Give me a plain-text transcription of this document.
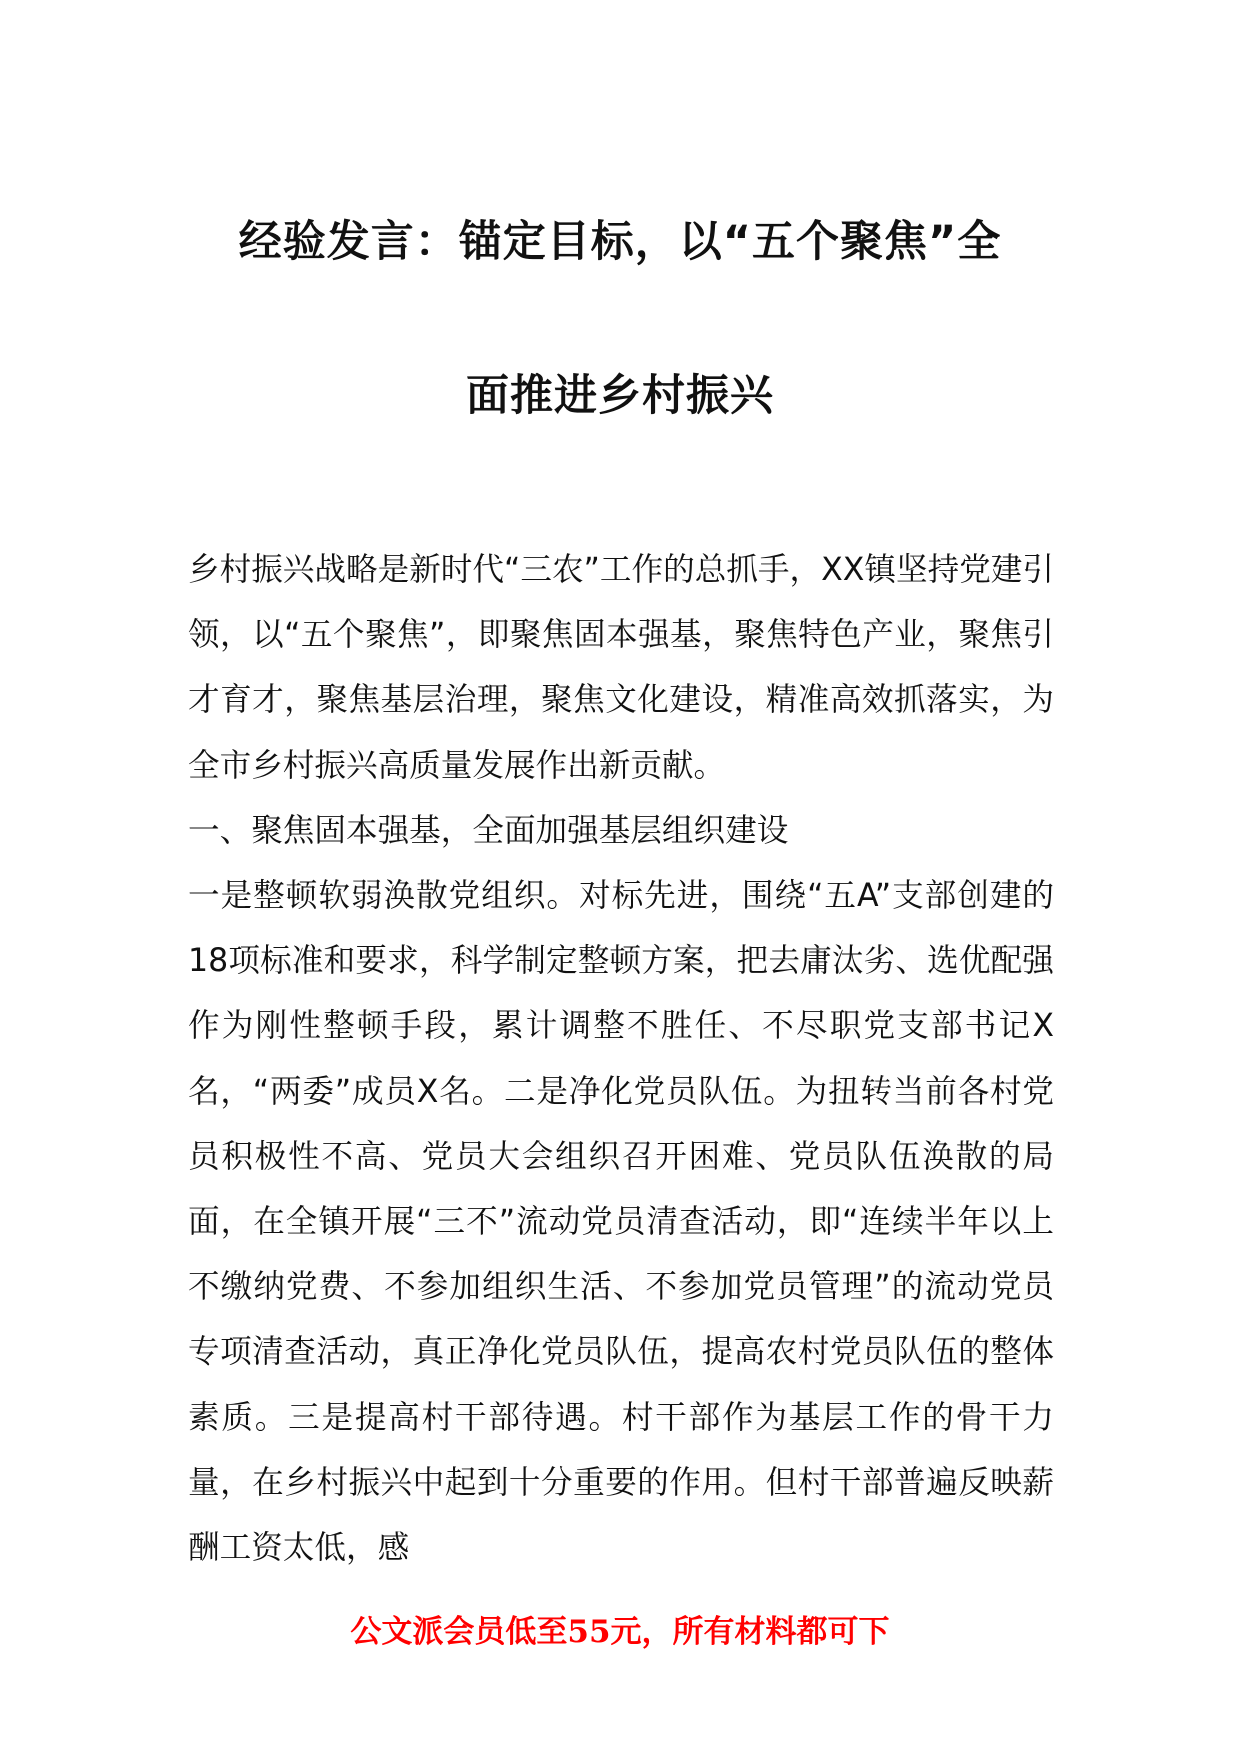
经验发言：锚定目标，以“五个聚焦”全
面推进乡村振兴

乡村振兴战略是新时代“三农”工作的总抓手，XX镇坚持党建引领，以“五个聚焦”，即聚焦固本强基，聚焦特色产业，聚焦引才育才，聚焦基层治理，聚焦文化建设，精准高效抓落实，为全市乡村振兴高质量发展作出新贡献。

一、聚焦固本强基，全面加强基层组织建设

一是整顿软弱涣散党组织。对标先进，围绕“五A”支部创建的18项标准和要求，科学制定整顿方案，把去庸汰劣、选优配强作为刚性整顿手段，累计调整不胜任、不尽职党支部书记X名，“两委”成员X名。二是净化党员队伍。为扭转当前各村党员积极性不高、党员大会组织召开困难、党员队伍涣散的局面，在全镇开展“三不”流动党员清查活动，即“连续半年以上不缴纳党费、不参加组织生活、不参加党员管理”的流动党员专项清查活动，真正净化党员队伍，提高农村党员队伍的整体素质。三是提高村干部待遇。村干部作为基层工作的骨干力量，在乡村振兴中起到十分重要的作用。但村干部普遍反映薪酬工资太低，感

公文派会员低至55元，所有材料都可下
